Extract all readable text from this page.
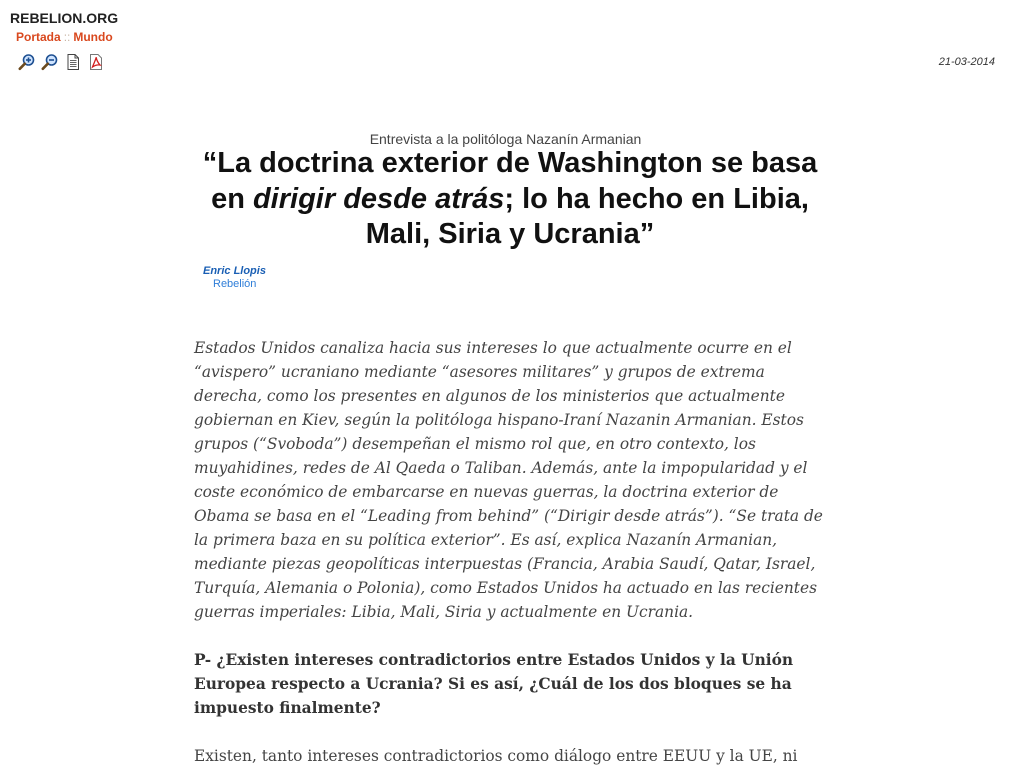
REBELION.ORG
Portada :: Mundo
21-03-2014
Entrevista a la politóloga Nazanín Armanian
“La doctrina exterior de Washington se basa en dirigir desde atrás; lo ha hecho en Libia, Mali, Siria y Ucrania”
Enric Llopis
Rebelión

Estados Unidos canaliza hacia sus intereses lo que actualmente ocurre en el “avispero” ucraniano mediante “asesores militares” y grupos de extrema derecha, como los presentes en algunos de los ministerios que actualmente gobiernan en Kiev, según la politóloga hispano-Iraní Nazanin Armanian. Estos grupos (“Svoboda”) desempeñan el mismo rol que, en otro contexto, los muyahidines, redes de Al Qaeda o Taliban. Además, ante la impopularidad y el coste económico de embarcarse en nuevas guerras, la doctrina exterior de Obama se basa en el “Leading from behind” (“Dirigir desde atrás”). “Se trata de la primera baza en su política exterior”. Es así, explica Nazanín Armanian, mediante piezas geopolíticas interpuestas (Francia, Arabia Saudí, Qatar, Israel, Turquía, Alemania o Polonia), como Estados Unidos ha actuado en las recientes guerras imperiales: Libia, Mali, Siria y actualmente en Ucrania.

P- ¿Existen intereses contradictorios entre Estados Unidos y la Unión Europea respecto a Ucrania? Si es así, ¿Cuál de los dos bloques se ha impuesto finalmente?

Existen, tanto intereses contradictorios como diálogo entre EEUU y la UE, ni
